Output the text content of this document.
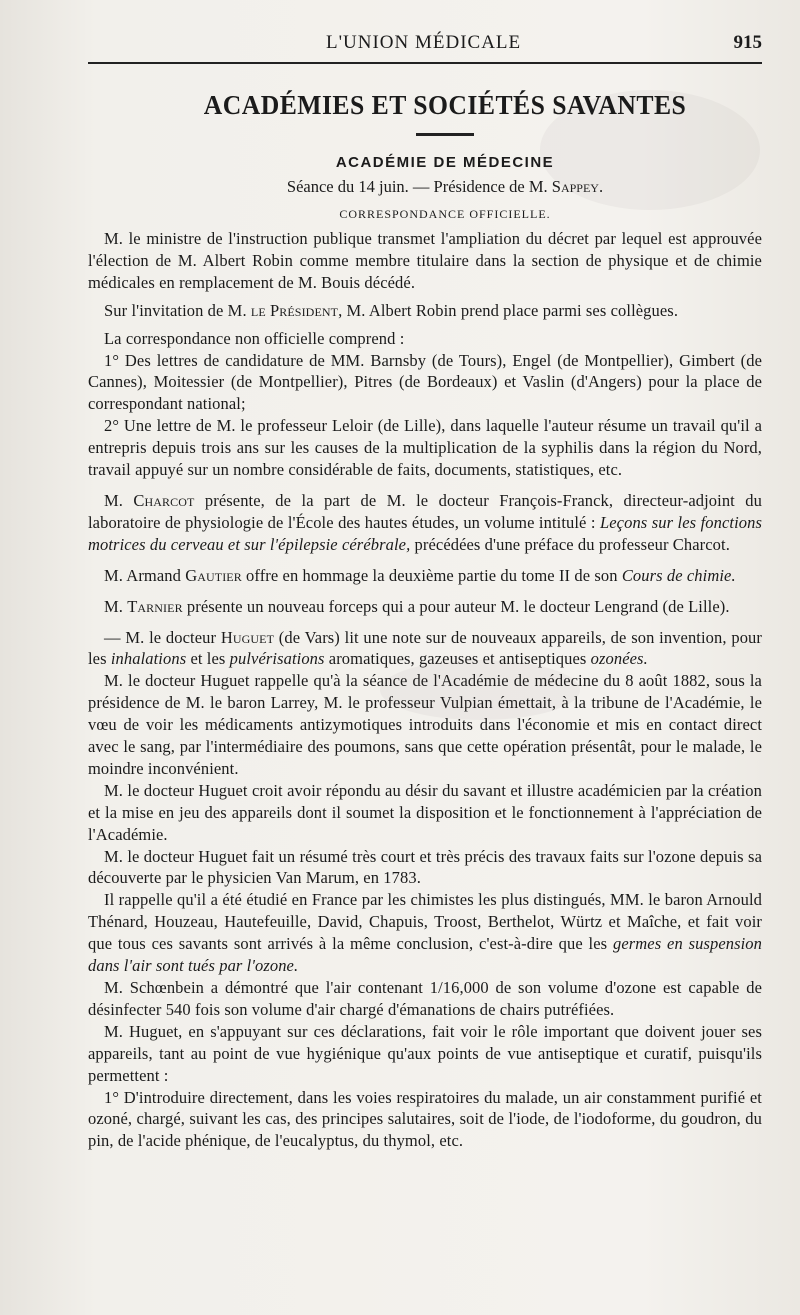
L'UNION MÉDICALE	915
ACADÉMIES ET SOCIÉTÉS SAVANTES
ACADÉMIE DE MÉDECINE
Séance du 14 juin. — Présidence de M. Sappey.
CORRESPONDANCE OFFICIELLE.

M. le ministre de l'instruction publique transmet l'ampliation du décret par lequel est approuvée l'élection de M. Albert Robin comme membre titulaire dans la section de physique et de chimie médicales en remplacement de M. Bouis décédé.

Sur l'invitation de M. le Président, M. Albert Robin prend place parmi ses collègues.

La correspondance non officielle comprend :

1° Des lettres de candidature de MM. Barnsby (de Tours), Engel (de Montpellier), Gimbert (de Cannes), Moitessier (de Montpellier), Pitres (de Bordeaux) et Vaslin (d'Angers) pour la place de correspondant national;

2° Une lettre de M. le professeur Leloir (de Lille), dans laquelle l'auteur résume un travail qu'il a entrepris depuis trois ans sur les causes de la multiplication de la syphilis dans la région du Nord, travail appuyé sur un nombre considérable de faits, documents, statistiques, etc.

M. Charcot présente, de la part de M. le docteur François-Franck, directeur-adjoint du laboratoire de physiologie de l'École des hautes études, un volume intitulé : Leçons sur les fonctions motrices du cerveau et sur l'épilepsie cérébrale, précédées d'une préface du professeur Charcot.

M. Armand Gautier offre en hommage la deuxième partie du tome II de son Cours de chimie.

M. Tarnier présente un nouveau forceps qui a pour auteur M. le docteur Lengrand (de Lille).

— M. le docteur Huguet (de Vars) lit une note sur de nouveaux appareils, de son invention, pour les inhalations et les pulvérisations aromatiques, gazeuses et antiseptiques ozonées.

M. le docteur Huguet rappelle qu'à la séance de l'Académie de médecine du 8 août 1882, sous la présidence de M. le baron Larrey, M. le professeur Vulpian émettait, à la tribune de l'Académie, le vœu de voir les médicaments antizymotiques introduits dans l'économie et mis en contact direct avec le sang, par l'intermédiaire des poumons, sans que cette opération présentât, pour le malade, le moindre inconvénient.

M. le docteur Huguet croit avoir répondu au désir du savant et illustre académicien par la création et la mise en jeu des appareils dont il soumet la disposition et le fonctionnement à l'appréciation de l'Académie.

M. le docteur Huguet fait un résumé très court et très précis des travaux faits sur l'ozone depuis sa découverte par le physicien Van Marum, en 1783.

Il rappelle qu'il a été étudié en France par les chimistes les plus distingués, MM. le baron Arnould Thénard, Houzeau, Hautefeuille, David, Chapuis, Troost, Berthelot, Würtz et Maîche, et fait voir que tous ces savants sont arrivés à la même conclusion, c'est-à-dire que les germes en suspension dans l'air sont tués par l'ozone.

M. Schœnbein a démontré que l'air contenant 1/16,000 de son volume d'ozone est capable de désinfecter 540 fois son volume d'air chargé d'émanations de chairs putréfiées.

M. Huguet, en s'appuyant sur ces déclarations, fait voir le rôle important que doivent jouer ses appareils, tant au point de vue hygiénique qu'aux points de vue antiseptique et curatif, puisqu'ils permettent :

1° D'introduire directement, dans les voies respiratoires du malade, un air constamment purifié et ozoné, chargé, suivant les cas, des principes salutaires, soit de l'iode, de l'iodoforme, du goudron, du pin, de l'acide phénique, de l'eucalyptus, du thymol, etc.
